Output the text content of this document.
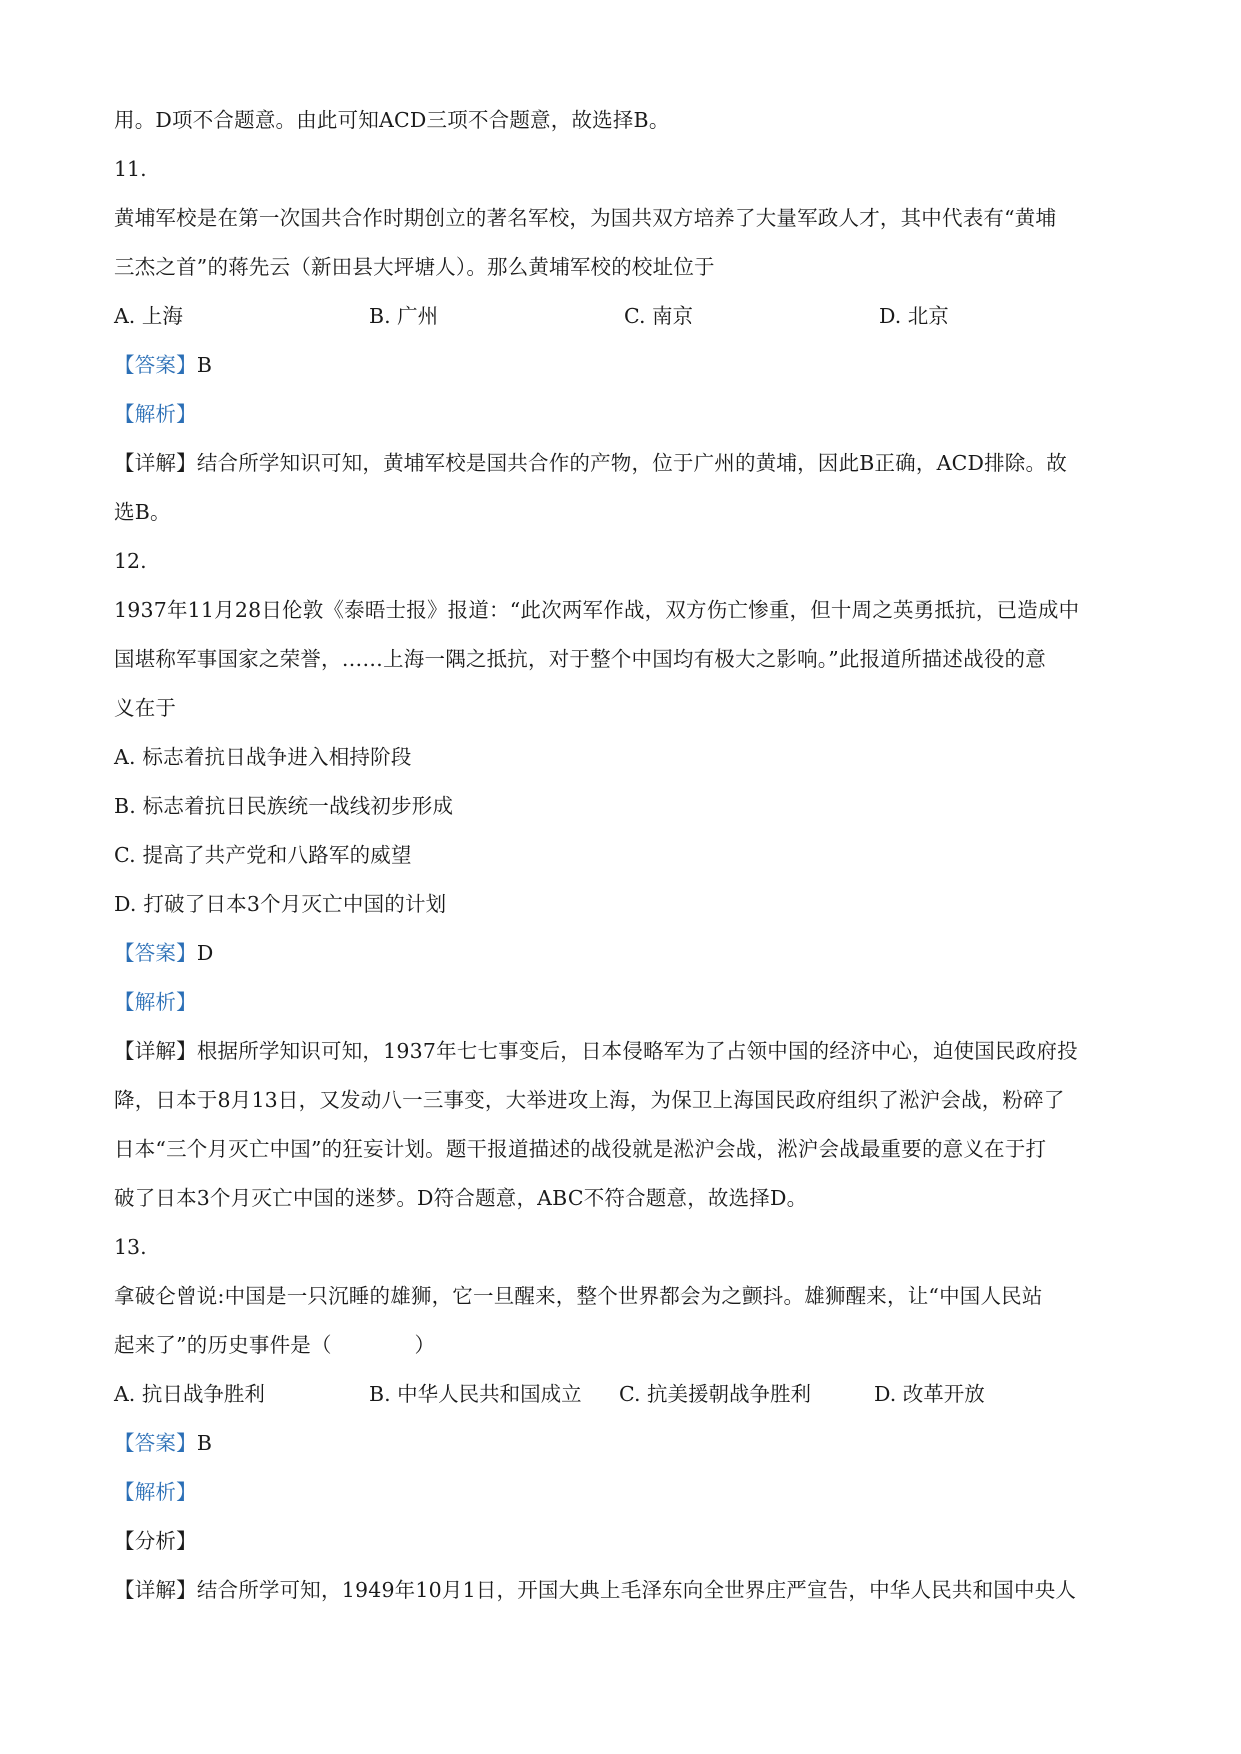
用。D项不合题意。由此可知ACD三项不合题意，故选择B。
11.
黄埔军校是在第一次国共合作时期创立的著名军校，为国共双方培养了大量军政人才，其中代表有“黄埔
三杰之首”的蒋先云（新田县大坪塘人）。那么黄埔军校的校址位于
A. 上海	B. 广州	C. 南京	D. 北京
【答案】B
【解析】
【详解】结合所学知识可知，黄埔军校是国共合作的产物，位于广州的黄埔，因此B正确，ACD排除。故
选B。
12.
1937年11月28日伦敦《泰晤士报》报道：“此次两军作战，双方伤亡惨重，但十周之英勇抵抗，已造成中
国堪称军事国家之荣誉，……上海一隅之抵抗，对于整个中国均有极大之影响。”此报道所描述战役的意
义在于
A. 标志着抗日战争进入相持阶段
B. 标志着抗日民族统一战线初步形成
C. 提高了共产党和八路军的威望
D. 打破了日本3个月灭亡中国的计划
【答案】D
【解析】
【详解】根据所学知识可知，1937年七七事变后，日本侵略军为了占领中国的经济中心，迫使国民政府投
降，日本于8月13日，又发动八一三事变，大举进攻上海，为保卫上海国民政府组织了淞沪会战，粉碎了
日本“三个月灭亡中国”的狂妄计划。题干报道描述的战役就是淞沪会战，淞沪会战最重要的意义在于打
破了日本3个月灭亡中国的迷梦。D符合题意，ABC不符合题意，故选择D。
13.
拿破仑曾说:中国是一只沉睡的雄狮，它一旦醒来，整个世界都会为之颤抖。雄狮醒来，让“中国人民站
起来了”的历史事件是（　　　　）
A. 抗日战争胜利	B. 中华人民共和国成立	C. 抗美援朝战争胜利	D. 改革开放
【答案】B
【解析】
【分析】
【详解】结合所学可知，1949年10月1日，开国大典上毛泽东向全世界庄严宣告，中华人民共和国中央人
